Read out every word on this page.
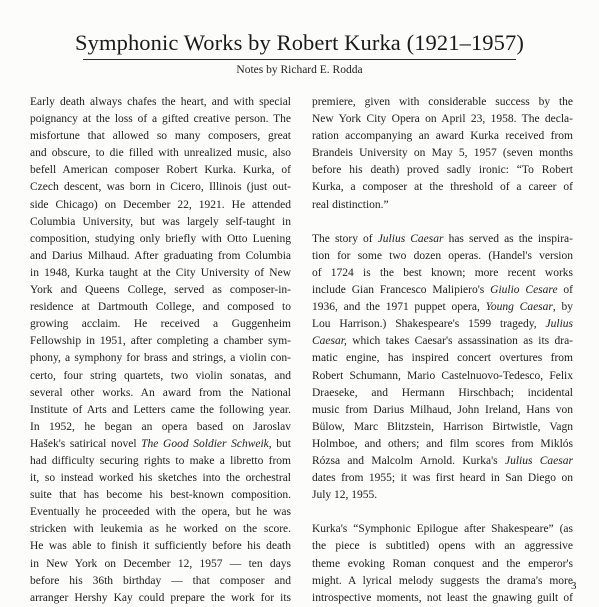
Symphonic Works by Robert Kurka (1921–1957)
Notes by Richard E. Rodda
Early death always chafes the heart, and with special
poignancy at the loss of a gifted creative person. The
misfortune that allowed so many composers, great
and obscure, to die filled with unrealized music, also
befell American composer Robert Kurka. Kurka, of
Czech descent, was born in Cicero, Illinois (just out-
side Chicago) on December 22, 1921. He attended
Columbia University, but was largely self-taught in
composition, studying only briefly with Otto Luening
and Darius Milhaud. After graduating from Columbia
in 1948, Kurka taught at the City University of New
York and Queens College, served as composer-in-
residence at Dartmouth College, and composed to
growing acclaim. He received a Guggenheim
Fellowship in 1951, after completing a chamber sym-
phony, a symphony for brass and strings, a violin con-
certo, four string quartets, two violin sonatas, and
several other works. An award from the National
Institute of Arts and Letters came the following year.
In 1952, he began an opera based on Jaroslav
Hašek's satirical novel The Good Soldier Schweik, but
had difficulty securing rights to make a libretto from
it, so instead worked his sketches into the orchestral
suite that has become his best-known composition.
Eventually he proceeded with the opera, but he was
stricken with leukemia as he worked on the score.
He was able to finish it sufficiently before his death
in New York on December 12, 1957 — ten days
before his 36th birthday — that composer and
arranger Hershy Kay could prepare the work for its
premiere, given with considerable success by the
New York City Opera on April 23, 1958. The decla-
ration accompanying an award Kurka received from
Brandeis University on May 5, 1957 (seven months
before his death) proved sadly ironic: “To Robert
Kurka, a composer at the threshold of a career of
real distinction.”
The story of Julius Caesar has served as the inspira-
tion for some two dozen operas. (Handel's version
of 1724 is the best known; more recent works
include Gian Francesco Malipiero's Giulio Cesare of
1936, and the 1971 puppet opera, Young Caesar, by
Lou Harrison.) Shakespeare's 1599 tragedy, Julius
Caesar, which takes Caesar's assassination as its dra-
matic engine, has inspired concert overtures from
Robert Schumann, Mario Castelnuovo-Tedesco, Felix
Draeseke, and Hermann Hirschbach; incidental
music from Darius Milhaud, John Ireland, Hans von
Bülow, Marc Blitzstein, Harrison Birtwistle, Vagn
Holmboe, and others; and film scores from Miklós
Rózsa and Malcolm Arnold. Kurka's Julius Caesar
dates from 1955; it was first heard in San Diego on
July 12, 1955.
Kurka's “Symphonic Epilogue after Shakespeare” (as
the piece is subtitled) opens with an aggressive
theme evoking Roman conquest and the emperor's
might. A lyrical melody suggests the drama's more
introspective moments, not least the gnawing guilt of
3
